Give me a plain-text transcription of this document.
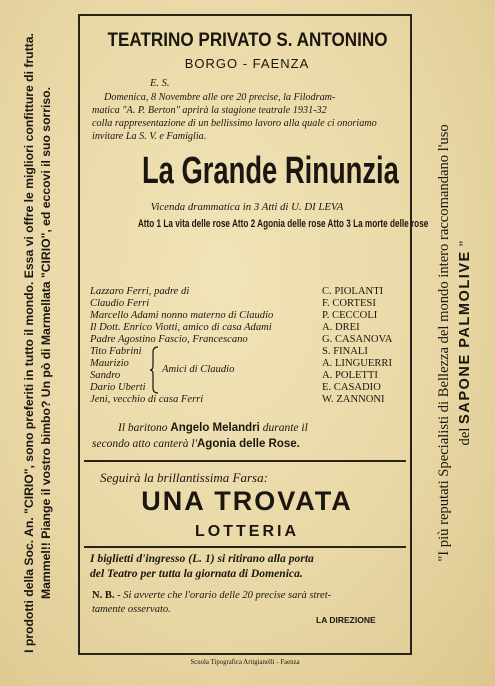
I prodotti della Soc. An. "CIRIO", sono preferiti in tutto il mondo. Essa vi offre le migliori confitture di frutta. Mammel!! Piange il vostro bimbo? Un pò di Marmellata "CIRIO", ed eccovi il suo sorriso.	"I più reputati Specialisti di Bellezza del mondo intero raccomandano l'uso del SAPONE PALMOLIVE "
TEATRINO PRIVATO S. ANTONINO
BORGO - FAENZA
E. S.
Domenica, 8 Novembre alle ore 20 precise, la Filodram-
matica "A. P. Berton" aprirà la stagione teatrale 1931-32
colla rappresentazione di un bellissimo lavoro alla quale ci onoriamo
invitare La S. V. e Famiglia.
La Grande Rinunzia
Vicenda drammatica in 3 Atti di U. DI LEVA
Atto 1 La vita delle rose Atto 2 Agonia delle rose Atto 3 La morte delle rose
Lazzaro Ferri, padre di	C. PIOLANTI
Claudio Ferri	F. CORTESI
Marcello Adami nonno materno di Claudio	P. CECCOLI
Il Dott. Enrico Viotti, amico di casa Adami	A. DREI
Padre Agostino Fascio, Francescano	G. CASANOVA
Tito Fabrini	S. FINALI
Maurizio	A. LINGUERRI
Sandro	A. POLETTI
Dario Uberti	E. CASADIO
Jeni, vecchio di casa Ferri	W. ZANNONI
Amici di Claudio
Il baritono Angelo Melandri durante il
secondo atto canterà l'Agonia delle Rose.
Seguirà la brillantissima Farsa:
UNA TROVATA
LOTTERIA
I biglietti d'ingresso (L. 1) si ritirano alla porta
del Teatro per tutta la giornata di Domenica.
N. B. - Si avverte che l'orario delle 20 precise sarà stret-
tamente osservato.
LA DIREZIONE
Scuola Tipografica Artigianelli - Faenza
